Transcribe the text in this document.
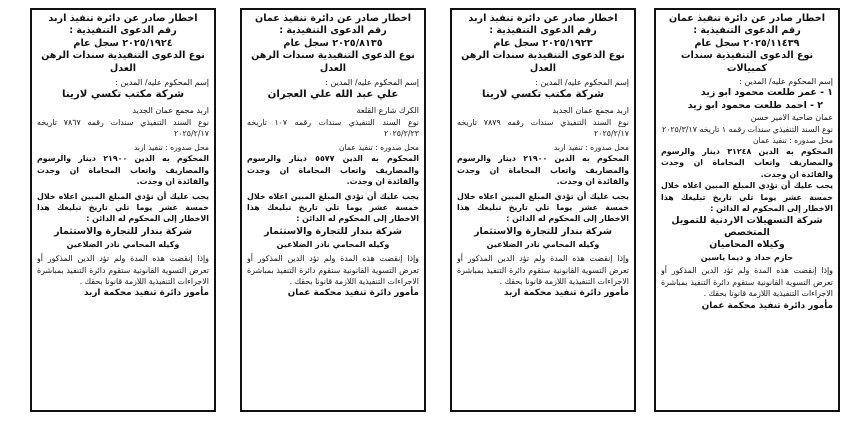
اخطار صادر عن دائرة تنفيذ اربد

رقم الدعوى التنفيذية :

٢٠٢٥/١٩٢٤ سجل عام

نوع الدعوى التنفيذية سندات الرهن العدل

إسم المحكوم عليه/ المدين :

شركة مكتب تكسي لارينا

اربد مجمع عمان الجديد

نوع السند التنفيذي سندات رقمه ٧٨٦٧ تاريخه ٢٠٢٥/٢/١٧

محل صدوره : تنفيذ اربد

المحكوم به الدين ٢١٩٠٠ دينار والرسوم والمصاريف واتعاب المحاماة ان وجدت والفائدة ان وجدت.

يجب عليك أن تؤدي المبلغ المبين اعلاه خلال خمسة عشر يوما تلي تاريخ تبليغك هذا الاخطار إلى المحكوم له الدائن :

شركة بندار للتجارة والاستثمار

وكيله المحامي نادر الضلاعين

وإذا إنقضت هذه المدة ولم تؤد الدين المذكور أو تعرض التسوية القانونية ستقوم دائرة التنفيذ بمباشرة الاجراءات التنفيذية اللازمة قانونا بحقك .

مأمور دائرة تنفيذ محكمة اربد

اخطار صادر عن دائرة تنفيذ عمان

رقم الدعوى التنفيذية :

٢٠٢٥/٨١٣٥ سجل عام

نوع الدعوى التنفيذية سندات الرهن العدل

إسم المحكوم عليه/ المدين :

علي عبد الله علي العجران

الكرك شارع القلعة

نوع السند التنفيذي سندات رقمه ١٠٧ تاريخه ٢٠٢٥/٢/٢٣

محل صدوره : تنفيذ عمان

المحكوم به الدين ٥٥٧٧ دينار والرسوم والمصاريف واتعاب المحاماة ان وجدت والفائدة ان وجدت.

يجب عليك أن تؤدي المبلغ المبين اعلاه خلال خمسة عشر يوما تلي تاريخ تبليغك هذا الاخطار إلى المحكوم له الدائن :

شركة بندار للتجارة والاستثمار

وكيله المحامي نادر الضلاعين

وإذا إنقضت هذه المدة ولم تؤد الدين المذكور أو تعرض التسوية القانونية ستقوم دائرة التنفيذ بمباشرة الاجراءات التنفيذية اللازمة قانونا بحقك .

مأمور دائرة تنفيذ محكمة عمان

اخطار صادر عن دائرة تنفيذ اربد

رقم الدعوى التنفيذية :

٢٠٢٥/١٩٢٣ سجل عام

نوع الدعوى التنفيذية سندات الرهن العدل

إسم المحكوم عليه/ المدين :

شركة مكتب تكسي لارينا

اربد مجمع عمان الجديد

نوع السند التنفيذي سندات رقمه ٧٨٧٩ تاريخه ٢٠٢٥/٢/١٧

محل صدوره : تنفيذ اربد

المحكوم به الدين ٢١٩٠٠ دينار والرسوم والمصاريف واتعاب المحاماة ان وجدت والفائدة ان وجدت.

يجب عليك أن تؤدي المبلغ المبين اعلاه خلال خمسة عشر يوما تلي تاريخ تبليغك هذا الاخطار إلى المحكوم له الدائن :

شركة بندار للتجارة والاستثمار

وكيله المحامي نادر الضلاعين

وإذا إنقضت هذه المدة ولم تؤد الدين المذكور أو تعرض التسوية القانونية ستقوم دائرة التنفيذ بمباشرة الاجراءات التنفيذية اللازمة قانونا بحقك .

مأمور دائرة تنفيذ محكمة اربد

اخطار صادر عن دائرة تنفيذ عمان

رقم الدعوى التنفيذية :

٢٠٢٥/١١٤٣٩ سجل عام

نوع الدعوى التنفيذية سندات كمبيالات

إسم المحكوم عليه/ المدين :

١ - عمر طلعت محمود ابو زيد

٢ - احمد طلعت محمود ابو زيد

عمان ضاحية الامير حسن

نوع السند التنفيذي سندات رقمه ١ تاريخه ٢٠٢٥/٣/١٧

محل صدوره : تنفيذ عمان

المحكوم به الدين ٣١٢٤٨ دينار والرسوم والمصاريف واتعاب المحاماة ان وجدت والفائدة ان وجدت.

يجب عليك أن تؤدي المبلغ المبين اعلاه خلال خمسة عشر يوما تلي تاريخ تبليغك هذا الاخطار إلى المحكوم له الدائن :

شركة التسهيلات الاردنية للتمويل المتخصص

وكيلاه المحاميان

حازم حداد و ديما ياسين

وإذا إنقضت هذه المدة ولم تؤد الدين المذكور أو تعرض التسوية القانونية ستقوم دائرة التنفيذ بمباشرة الاجراءات التنفيذية اللازمة قانونا بحقك .

مأمور دائرة تنفيذ محكمة عمان
